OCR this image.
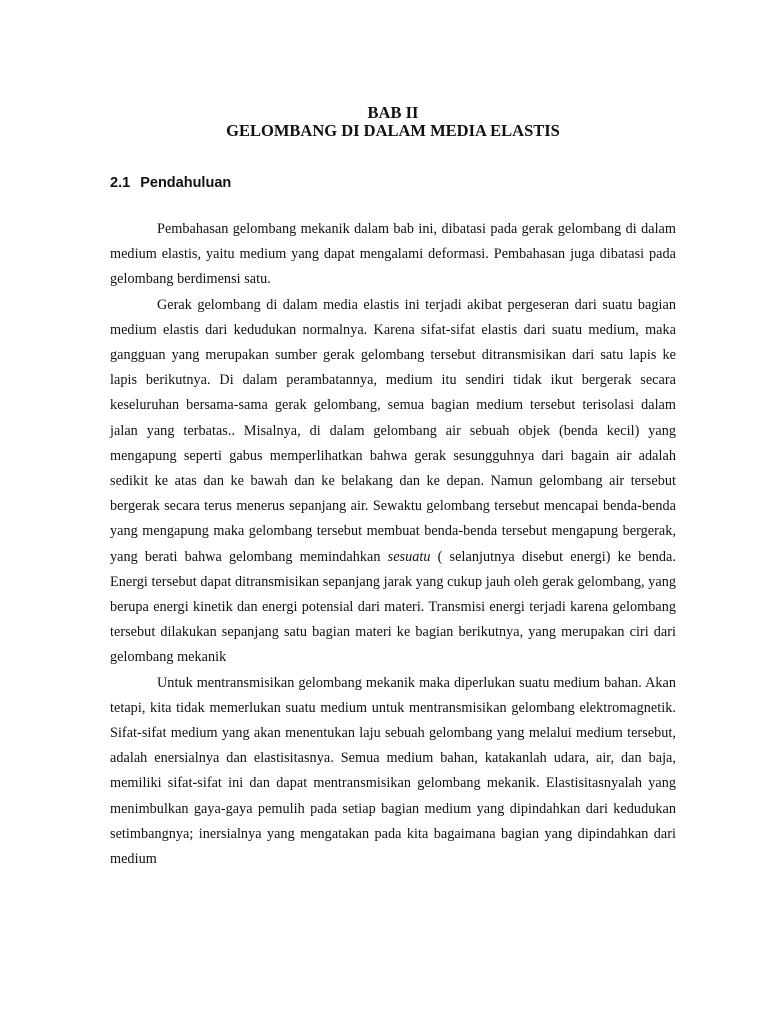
BAB II
GELOMBANG DI DALAM MEDIA ELASTIS
2.1 Pendahuluan

Pembahasan gelombang mekanik dalam bab ini, dibatasi pada gerak gelombang di dalam medium elastis, yaitu medium yang dapat mengalami deformasi. Pembahasan juga dibatasi pada gelombang berdimensi satu.

Gerak gelombang di dalam media elastis ini terjadi akibat pergeseran dari suatu bagian medium elastis dari kedudukan normalnya. Karena sifat-sifat elastis dari suatu medium, maka gangguan yang merupakan sumber gerak gelombang tersebut ditransmisikan dari satu lapis ke lapis berikutnya. Di dalam perambatannya, medium itu sendiri tidak ikut bergerak secara keseluruhan bersama-sama gerak gelombang, semua bagian medium tersebut terisolasi dalam jalan yang terbatas.. Misalnya, di dalam gelombang air sebuah objek (benda kecil) yang mengapung seperti gabus memperlihatkan bahwa gerak sesungguhnya dari bagain air adalah sedikit ke atas dan ke bawah dan ke belakang dan ke depan. Namun gelombang air tersebut bergerak secara terus menerus sepanjang air. Sewaktu gelombang tersebut mencapai benda-benda yang mengapung maka gelombang tersebut membuat benda-benda tersebut mengapung bergerak, yang berati bahwa gelombang memindahkan sesuatu ( selanjutnya disebut energi) ke benda. Energi tersebut dapat ditransmisikan sepanjang jarak yang cukup jauh oleh gerak gelombang, yang berupa energi kinetik dan energi potensial dari materi. Transmisi energi terjadi karena gelombang tersebut dilakukan sepanjang satu bagian materi ke bagian berikutnya, yang merupakan ciri dari gelombang mekanik

Untuk mentransmisikan gelombang mekanik maka diperlukan suatu medium bahan. Akan tetapi, kita tidak memerlukan suatu medium untuk mentransmisikan gelombang elektromagnetik. Sifat-sifat medium yang akan menentukan laju sebuah gelombang yang melalui medium tersebut, adalah enersialnya dan elastisitasnya. Semua medium bahan, katakanlah udara, air, dan baja, memiliki sifat-sifat ini dan dapat mentransmisikan gelombang mekanik. Elastisitasnyalah yang menimbulkan gaya-gaya pemulih pada setiap bagian medium yang dipindahkan dari kedudukan setimbangnya; inersialnya yang mengatakan pada kita bagaimana bagian yang dipindahkan dari medium
